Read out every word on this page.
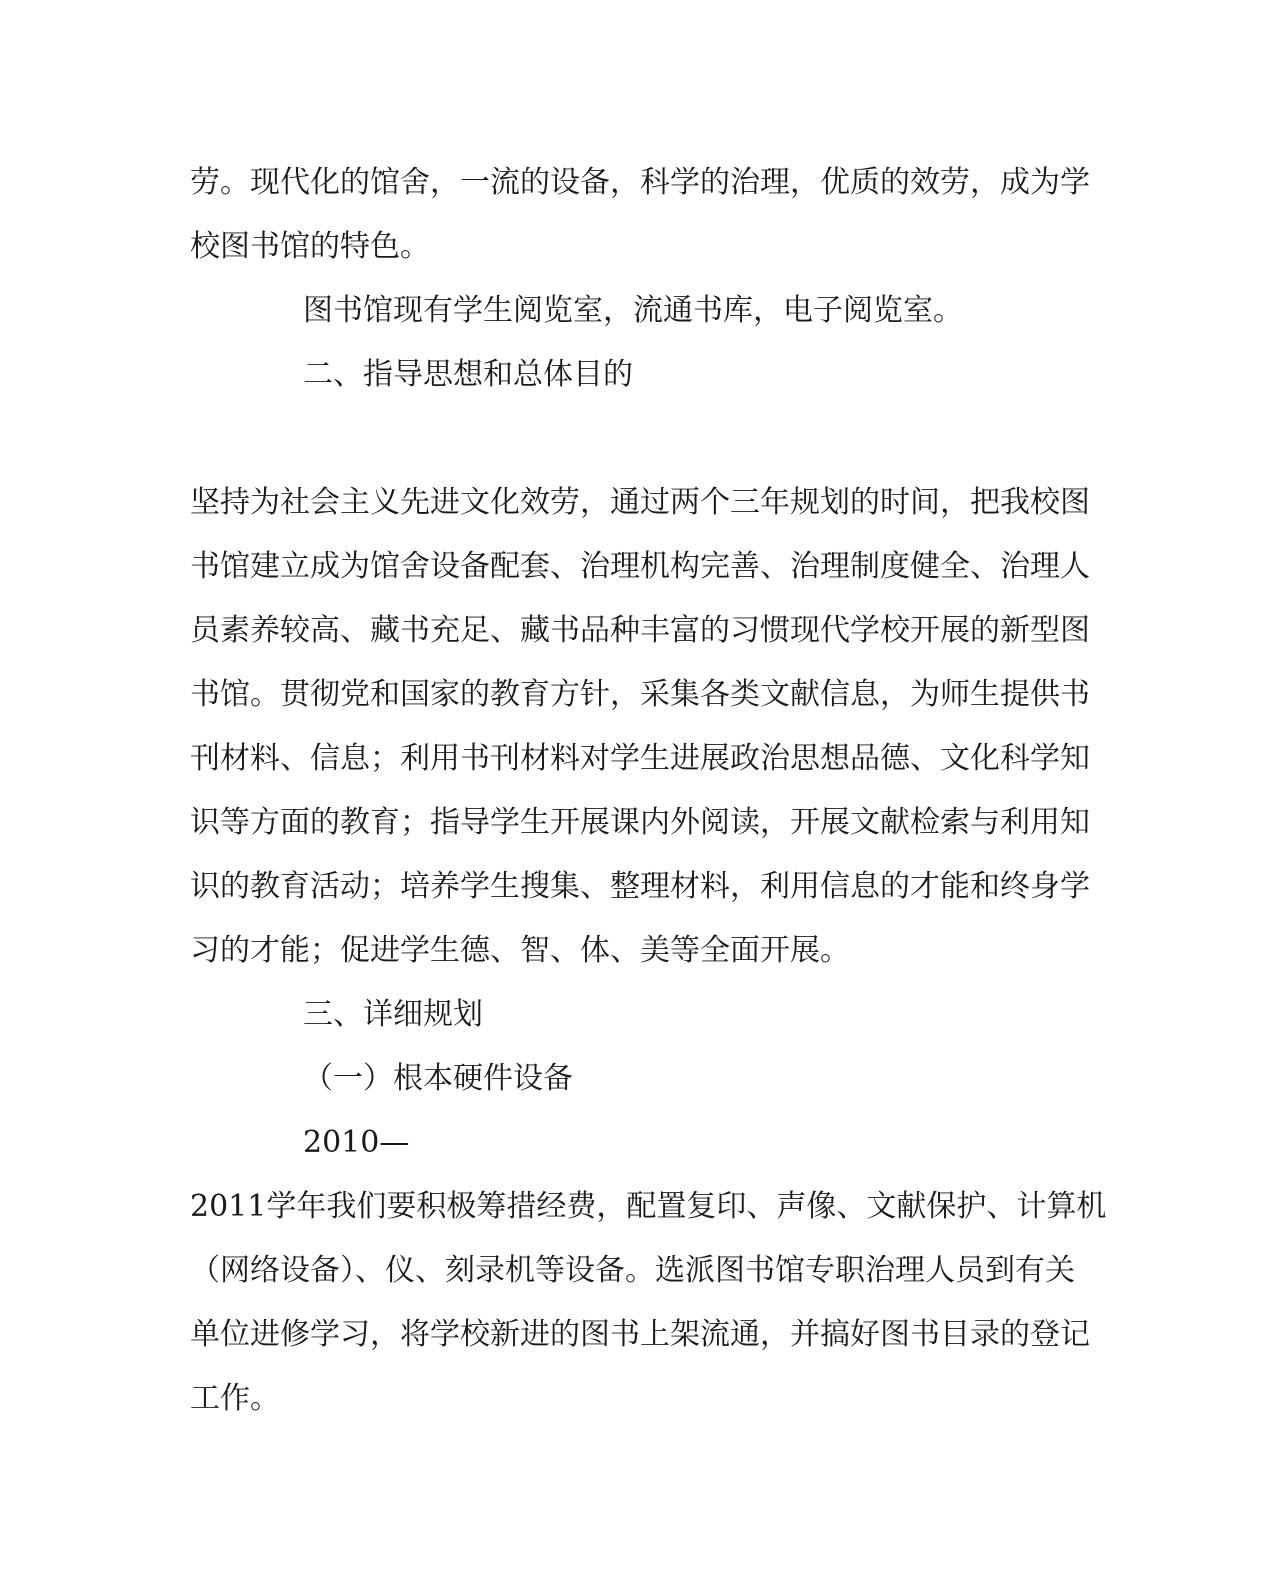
劳。现代化的馆舍，一流的设备，科学的治理，优质的效劳，成为学
校图书馆的特色。
图书馆现有学生阅览室，流通书库，电子阅览室。
二、指导思想和总体目的
坚持为社会主义先进文化效劳，通过两个三年规划的时间，把我校图
书馆建立成为馆舍设备配套、治理机构完善、治理制度健全、治理人
员素养较高、藏书充足、藏书品种丰富的习惯现代学校开展的新型图
书馆。贯彻党和国家的教育方针，采集各类文献信息，为师生提供书
刊材料、信息；利用书刊材料对学生进展政治思想品德、文化科学知
识等方面的教育；指导学生开展课内外阅读，开展文献检索与利用知
识的教育活动；培养学生搜集、整理材料，利用信息的才能和终身学
习的才能；促进学生德、智、体、美等全面开展。
三、详细规划
（一）根本硬件设备
2010—
2011学年我们要积极筹措经费，配置复印、声像、文献保护、计算机
（网络设备）、仪、刻录机等设备。选派图书馆专职治理人员到有关
单位进修学习，将学校新进的图书上架流通，并搞好图书目录的登记
工作。
